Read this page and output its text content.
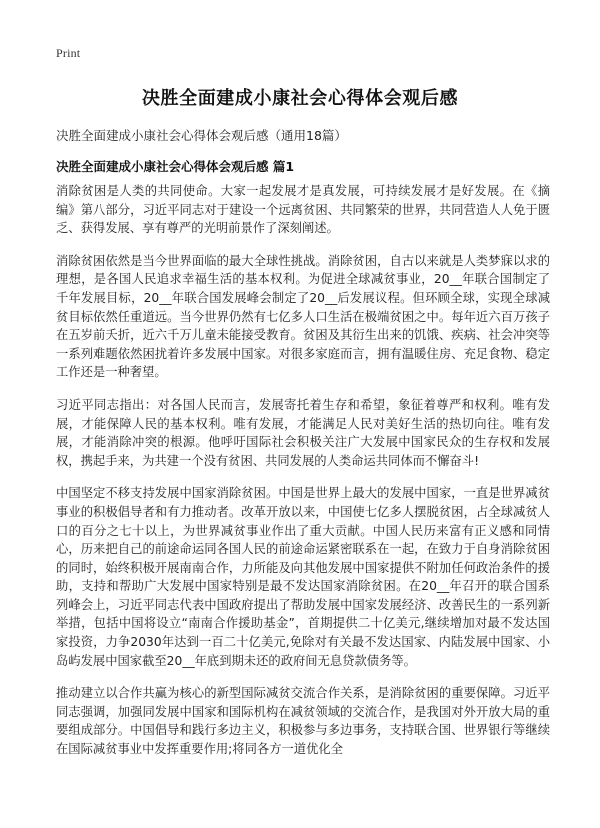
Print
决胜全面建成小康社会心得体会观后感
决胜全面建成小康社会心得体会观后感（通用18篇）
决胜全面建成小康社会心得体会观后感 篇1

消除贫困是人类的共同使命。大家一起发展才是真发展，可持续发展才是好发展。在《摘编》第八部分，习近平同志对于建设一个远离贫困、共同繁荣的世界，共同营造人人免于匮乏、获得发展、享有尊严的光明前景作了深刻阐述。

消除贫困依然是当今世界面临的最大全球性挑战。消除贫困，自古以来就是人类梦寐以求的理想，是各国人民追求幸福生活的基本权利。为促进全球减贫事业，20__年联合国制定了千年发展目标，20__年联合国发展峰会制定了20__后发展议程。但环顾全球，实现全球减贫目标依然任重道远。当今世界仍然有七亿多人口生活在极端贫困之中。每年近六百万孩子在五岁前夭折，近六千万儿童未能接受教育。贫困及其衍生出来的饥饿、疾病、社会冲突等一系列难题依然困扰着许多发展中国家。对很多家庭而言，拥有温暖住房、充足食物、稳定工作还是一种奢望。

习近平同志指出：对各国人民而言，发展寄托着生存和希望，象征着尊严和权利。唯有发展，才能保障人民的基本权利。唯有发展，才能满足人民对美好生活的热切向往。唯有发展，才能消除冲突的根源。他呼吁国际社会积极关注广大发展中国家民众的生存权和发展权，携起手来，为共建一个没有贫困、共同发展的人类命运共同体而不懈奋斗!

中国坚定不移支持发展中国家消除贫困。中国是世界上最大的发展中国家，一直是世界减贫事业的积极倡导者和有力推动者。改革开放以来，中国使七亿多人摆脱贫困，占全球减贫人口的百分之七十以上，为世界减贫事业作出了重大贡献。中国人民历来富有正义感和同情心，历来把自己的前途命运同各国人民的前途命运紧密联系在一起，在致力于自身消除贫困的同时，始终积极开展南南合作，力所能及向其他发展中国家提供不附加任何政治条件的援助，支持和帮助广大发展中国家特别是最不发达国家消除贫困。在20__年召开的联合国系列峰会上，习近平同志代表中国政府提出了帮助发展中国家发展经济、改善民生的一系列新举措，包括中国将设立“南南合作援助基金”，首期提供二十亿美元,继续增加对最不发达国家投资，力争2030年达到一百二十亿美元,免除对有关最不发达国家、内陆发展中国家、小岛屿发展中国家截至20__年底到期未还的政府间无息贷款债务等。

推动建立以合作共赢为核心的新型国际减贫交流合作关系，是消除贫困的重要保障。习近平同志强调，加强同发展中国家和国际机构在减贫领域的交流合作，是我国对外开放大局的重要组成部分。中国倡导和践行多边主义，积极参与多边事务，支持联合国、世界银行等继续在国际减贫事业中发挥重要作用;将同各方一道优化全
